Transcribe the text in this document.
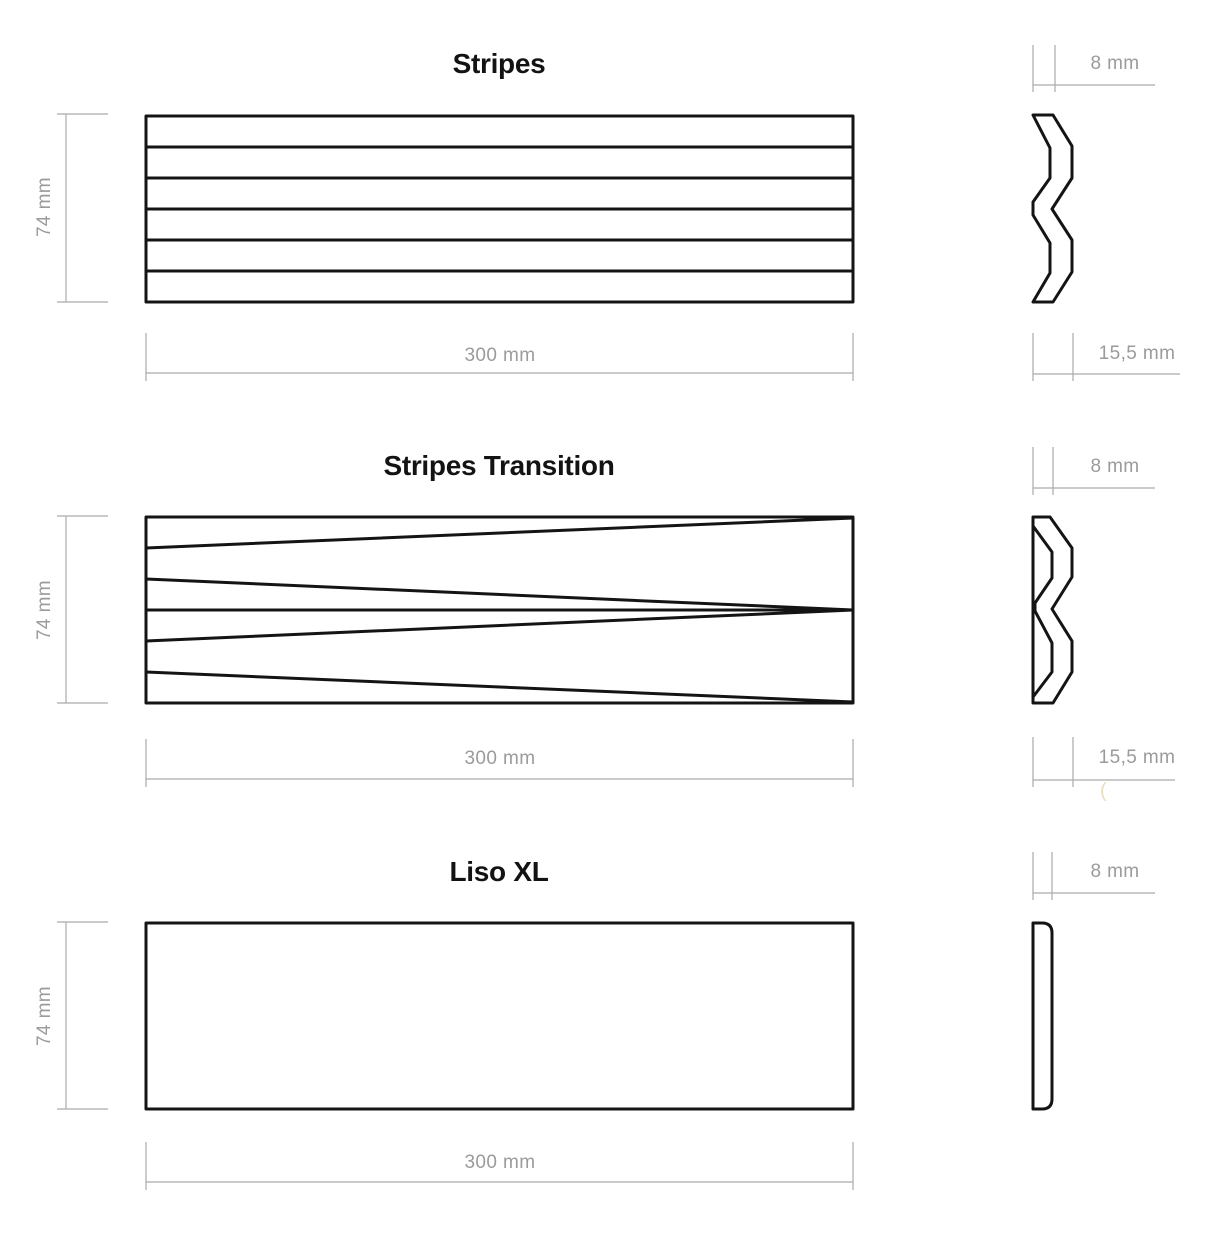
Stripes
74 mm
300 mm
8 mm
15,5 mm
Stripes Transition
74 mm
300 mm
8 mm
15,5 mm
(
Liso XL
74 mm
300 mm
8 mm
